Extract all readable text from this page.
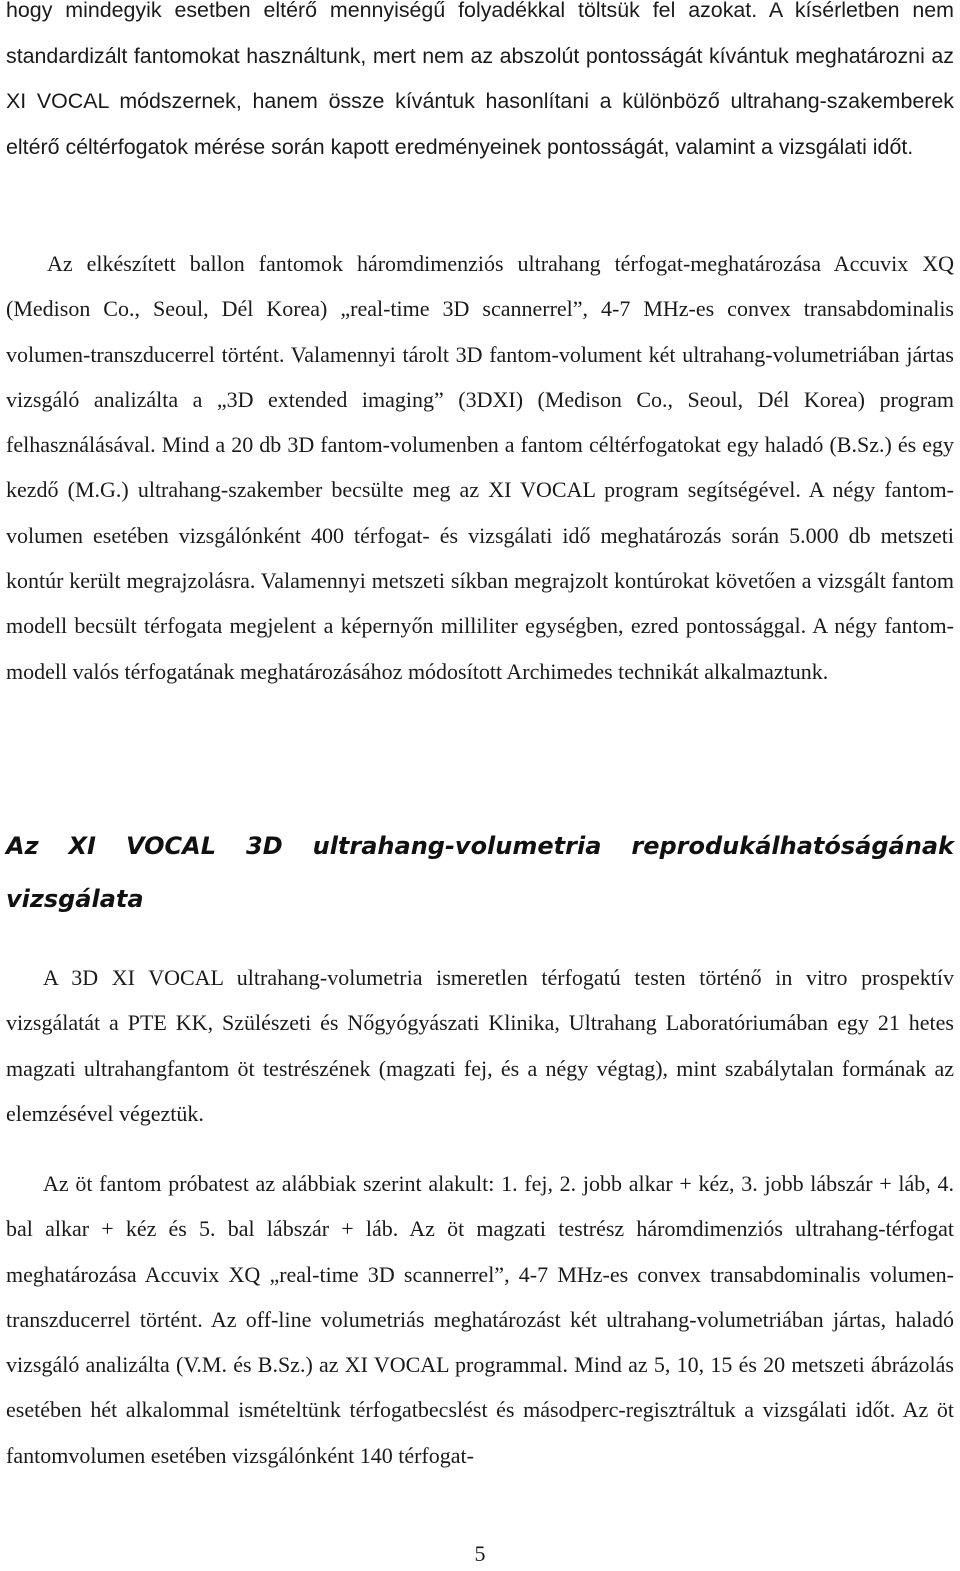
hogy mindegyik esetben eltérő mennyiségű folyadékkal töltsük fel azokat. A kísérletben nem standardizált fantomokat használtunk, mert nem az abszolút pontosságát kívántuk meghatározni az XI VOCAL módszernek, hanem össze kívántuk hasonlítani a különböző ultrahang-szakemberek eltérő céltérfogatok mérése során kapott eredményeinek pontosságát, valamint a vizsgálati időt.

Az elkészített ballon fantomok háromdimenziós ultrahang térfogat-meghatározása Accuvix XQ (Medison Co., Seoul, Dél Korea) „real-time 3D scannerrel”, 4-7 MHz-es convex transabdominalis volumen-transzducerrel történt. Valamennyi tárolt 3D fantom-volument két ultrahang-volumetriában jártas vizsgáló analizálta a „3D extended imaging” (3DXI) (Medison Co., Seoul, Dél Korea) program felhasználásával. Mind a 20 db 3D fantom-volumenben a fantom céltérfogatokat egy haladó (B.Sz.) és egy kezdő (M.G.) ultrahang-szakember becsülte meg az XI VOCAL program segítségével. A négy fantom-volumen esetében vizsgálónként 400 térfogat- és vizsgálati idő meghatározás során 5.000 db metszeti kontúr került megrajzolásra. Valamennyi metszeti síkban megrajzolt kontúrokat követően a vizsgált fantom modell becsült térfogata megjelent a képernyőn milliliter egységben, ezred pontossággal. A négy fantom-modell valós térfogatának meghatározásához módosított Archimedes technikát alkalmaztunk.

Az XI VOCAL 3D ultrahang-volumetria reprodukálhatóságának vizsgálata

A 3D XI VOCAL ultrahang-volumetria ismeretlen térfogatú testen történő in vitro prospektív vizsgálatát a PTE KK, Szülészeti és Nőgyógyászati Klinika, Ultrahang Laboratóriumában egy 21 hetes magzati ultrahangfantom öt testrészének (magzati fej, és a négy végtag), mint szabálytalan formának az elemzésével végeztük.

Az öt fantom próbatest az alábbiak szerint alakult: 1. fej, 2. jobb alkar + kéz, 3. jobb lábszár + láb, 4. bal alkar + kéz és 5. bal lábszár + láb. Az öt magzati testrész háromdimenziós ultrahang-térfogat meghatározása Accuvix XQ „real-time 3D scannerrel”, 4-7 MHz-es convex transabdominalis volumen-transzducerrel történt. Az off-line volumetriás meghatározást két ultrahang-volumetriában jártas, haladó vizsgáló analizálta (V.M. és B.Sz.) az XI VOCAL programmal. Mind az 5, 10, 15 és 20 metszeti ábrázolás esetében hét alkalommal ismételtünk térfogatbecslést és másodperc-regisztráltuk a vizsgálati időt. Az öt fantomvolumen esetében vizsgálónként 140 térfogat-

5
